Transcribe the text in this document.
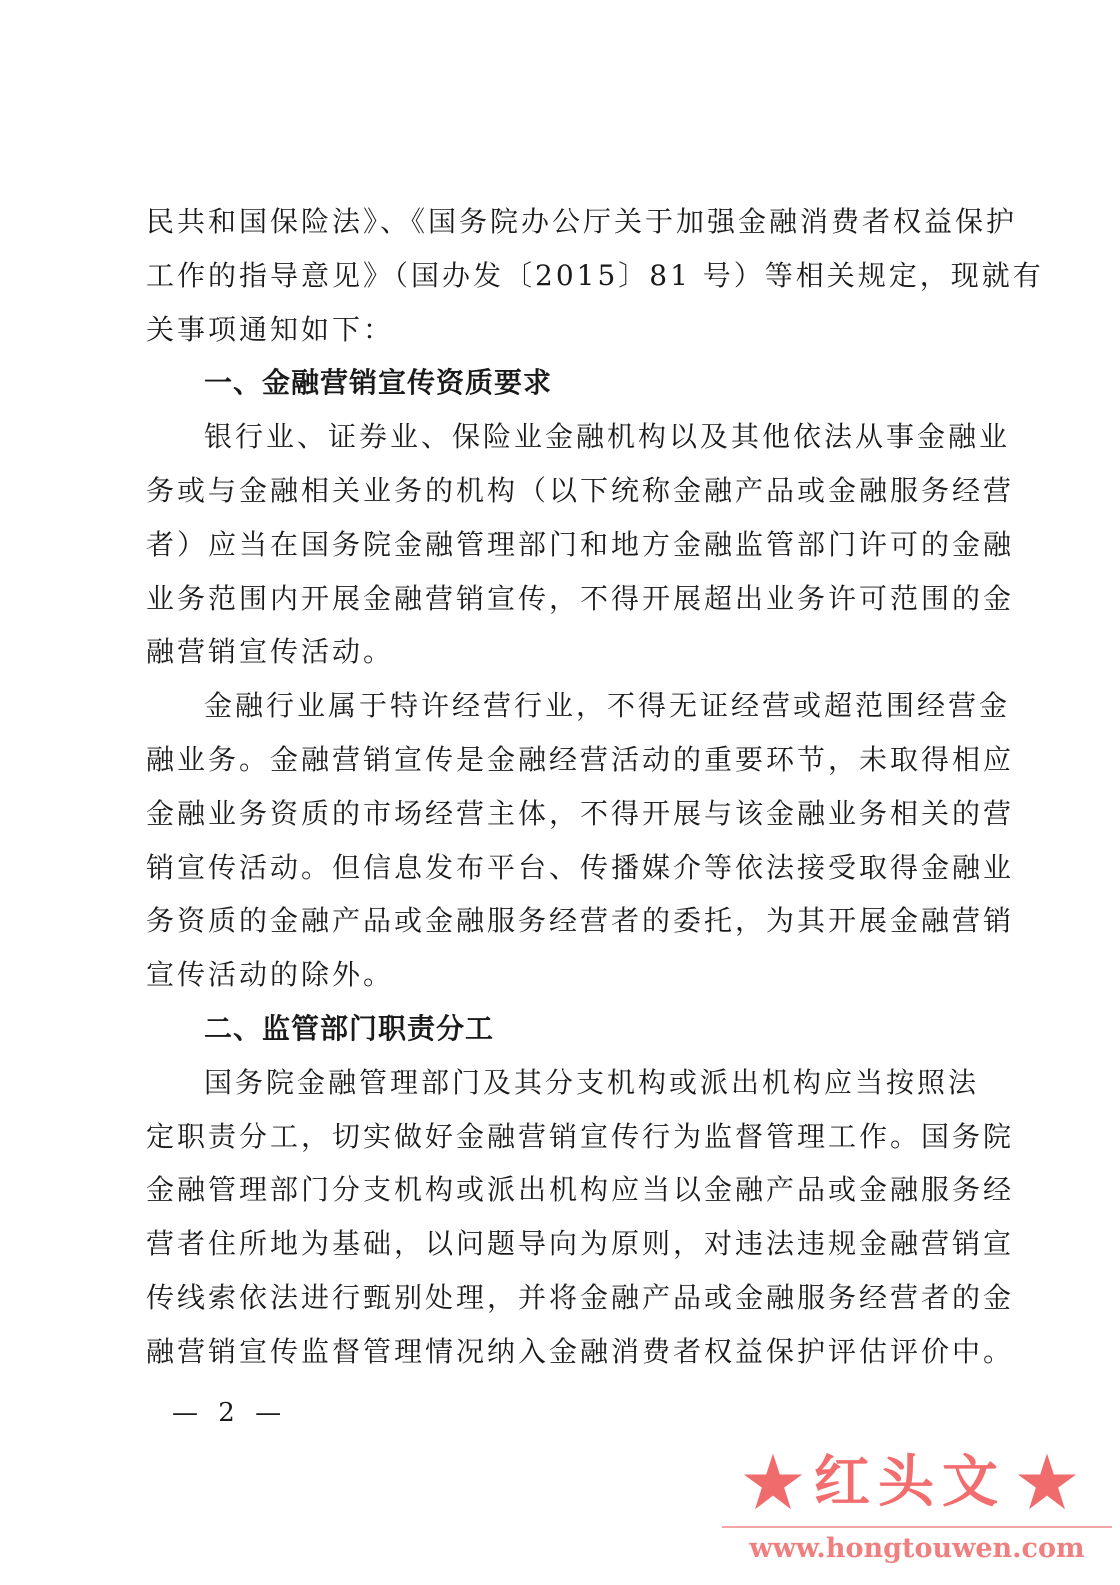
民共和国保险法》、《国务院办公厅关于加强金融消费者权益保护
工作的指导意见》（国办发〔2015〕81 号）等相关规定，现就有
关事项通知如下：
一、金融营销宣传资质要求
银行业、证券业、保险业金融机构以及其他依法从事金融业
务或与金融相关业务的机构（以下统称金融产品或金融服务经营
者）应当在国务院金融管理部门和地方金融监管部门许可的金融
业务范围内开展金融营销宣传，不得开展超出业务许可范围的金
融营销宣传活动。
金融行业属于特许经营行业，不得无证经营或超范围经营金
融业务。金融营销宣传是金融经营活动的重要环节，未取得相应
金融业务资质的市场经营主体，不得开展与该金融业务相关的营
销宣传活动。但信息发布平台、传播媒介等依法接受取得金融业
务资质的金融产品或金融服务经营者的委托，为其开展金融营销
宣传活动的除外。
二、监管部门职责分工
国务院金融管理部门及其分支机构或派出机构应当按照法
定职责分工，切实做好金融营销宣传行为监督管理工作。国务院
金融管理部门分支机构或派出机构应当以金融产品或金融服务经
营者住所地为基础，以问题导向为原则，对违法违规金融营销宣
传线索依法进行甄别处理，并将金融产品或金融服务经营者的金
融营销宣传监督管理情况纳入金融消费者权益保护评估评价中。
— 2 —
红头文
www.hongtouwen.com
